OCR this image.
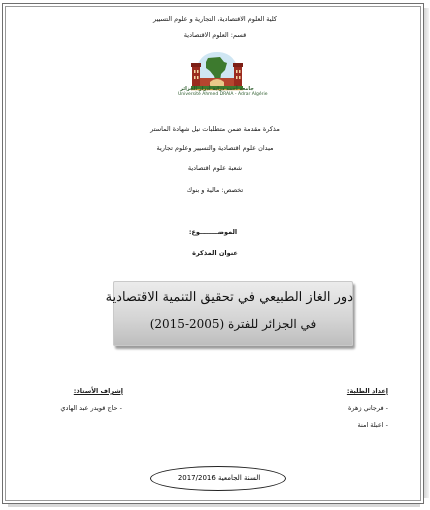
كلية العلوم الاقتصادية، التجارية و علوم التسيير
قسم: العلوم الاقتصادية
جامعة أحمد دراية أدرار الجزائر
Université Ahmed DRAIA - Adrar Algérie
مذكرة مقدمة ضمن متطلبات نيل شهادة الماستر
ميدان علوم اقتصادية والتسيير وعلوم تجارية
شعبة علوم اقتصادية
تخصص: مالية و بنوك
الموضــــــــوع:
عنوان المذكرة
دور الغاز الطبيعي في تحقيق التنمية الاقتصادية
في الجزائر للفترة (2005-2015)
إشراف الأستاذ:
- حاج قويدر عبد الهادي
إعداد الطلبة:
- فرجاني زهرة
- اعبلة امنة
السنة الجامعية 2017/2016
